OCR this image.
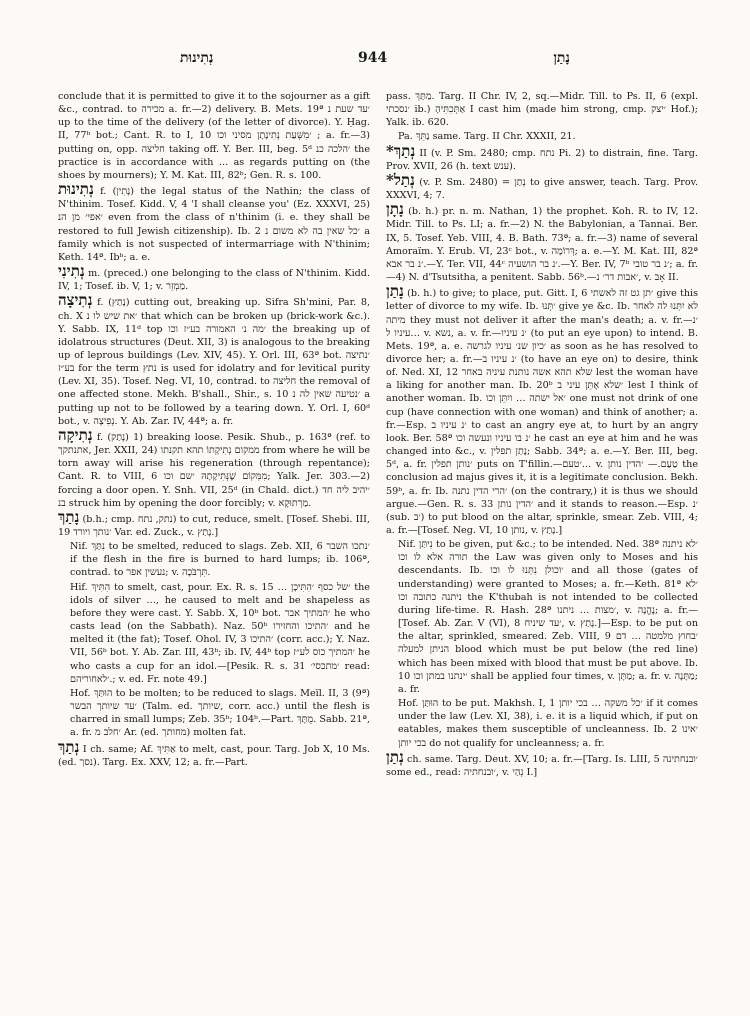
נְתִינוּת	944	נָתַן

conclude that it is permitted to give it to the sojourner as a gift &c., contrad. to מכירה a. fr.—2) delivery. B. Mets. 19ª ׳עד שעת נ up to the time of the delivery (of the letter of divorce). Y. Ḥag. II, 77ᵇ bot.; Cant. R. to I, 10 ׳מִשְּׁעַת נְתִינָתָן מסיני וכו ; a. fr.—3) putting on, opp. חליצה taking off. Y. Ber. III, beg. 5ᵈ ׳הלכה כנ the practice is in accordance with … as regards putting on (the shoes by mourners); Y. M. Kat. III, 82ᵇ; Gen. R. s. 100.

נְתִינוּת f. (נָתִין) the legal status of the Nathin; the class of N'thinim. Tosef. Kidd. V, 4 'I shall cleanse you' (Ez. XXXVI, 25) ׳אפי׳ מן הנ even from the class of n'thinim (i. e. they shall be restored to full Jewish citizenship). Ib. 2 ׳כל שאין בה לא משום נ a family which is not suspected of intermarriage with N'thinim; Keth. 14ª. Ibᵇ; a. e.

נְתִינִי m. (preced.) one belonging to the class of N'thinim. Kidd. IV, 1; Tosef. ib. V, 1; v. מַמְזֵר.

נְתִיצָה f. (נָתַץ) cutting out, breaking up. Sifra Sh'mini, Par. 8, ch. X ׳את שיש לו נ that which can be broken up (brick-work &c.). Y. Sabb. IX, 11ᵈ top ׳מה נ׳ האמורה בע״ז וכו the breaking up of idolatrous structures (Deut. XII, 3) is analogous to the breaking up of leprous buildings (Lev. XIV, 45). Y. Orl. III, 63ª bot. ׳נתיצה בע״ז for the term נתץ is used for idolatry and for levitical purity (Lev. XI, 35). Tosef. Neg. VI, 10, contrad. to חליצה the removal of one affected stone. Mekh. B'shall., Shir., s. 10 ׳נטיעה שאין לה נ a putting up not to be followed by a tearing down. Y. Orl. I, 60ᵈ bot., v. נְפִיצָה. Y. Ab. Zar. IV, 44ª; a. fr.

נְתִיקָה f. (נָתַק) 1) breaking loose. Pesik. Shub., p. 163ª (ref. to אתנתקך, Jer. XXII, 24) ממקום נְתִיקָתוֹ תהא תקנתו from where he will be torn away will arise his regeneration (through repentance); Cant. R. to VIII, 6 מִמְּקוֹם שֶׁנְּתִיקָתָהּ ׳שם וכו; Yalk. Jer. 303.—2) forcing a door open. Y. Snh. VII, 25ᵈ (in Chald. dict.) ׳יהיב ליה חד בנ struck him by opening the door forcibly; v. מַרְתוּקָא.

נָתַךְ (b.h.; cmp. נתק, נתח) to cut, reduce, smelt. [Tosef. Shebi. III, 19 ׳נותך ויורד Var. ed. Zuck., v. נָתַץ.]

Nif. נִתַּךְ to be smelted, reduced to slags. Zeb. XII, 6 ׳נתכו השבר if the flesh in the fire is burned to hard lumps; ib. 106ª, contrad. to נעשין אפר; v. תִּרְבֹּכָה.

Hif. הִתִּיךְ to smelt, cast, pour. Ex. R. s. 15 … ׳של כסף ׳הִתִּיכָן the idols of silver …, he caused to melt and be shapeless as before they were cast. Y. Sabb. X, 10ᵇ bot. ׳המתיך אבר he who casts lead (on the Sabbath). Naz. 50ᵇ ׳התיכו והחזירו and he melted it (the fat); Tosef. Ohol. IV, 3 ׳התיכו (corr. acc.); Y. Naz. VII, 56ᵇ bot. Y. Ab. Zar. III, 43ᵇ; ib. IV, 44ᵇ top ׳המתיך כוס לע״ז he who casts a cup for an idol.—[Pesik. R. s. 31 ׳מתכסי׳ read: ׳לאחוריהם.; v. ed. Fr. note 49.]

Hof. הוּתַּךְ to be molten; to be reduced to slags. Meïl. II, 3 (9ª) ׳עד שיותך הבשר (Talm. ed. שיותך, corr. acc.) until the flesh is charred in small lumps; Zeb. 35ᵇ; 104ᵇ.—Part. מֻתָּךְ. Sabb. 21ª, a. fr. ׳חלב מ Ar. (ed. מחותך) molten fat.

נְתַךְ I ch. same; Af. אַתִּיךְ to melt, cast, pour. Targ. Job X, 10 Ms. (ed. נסך). Targ. Ex. XXV, 12; a. fr.—Part.

pass. מַתַּךְ. Targ. II Chr. IV, 2, sq.—Midr. Till. to Ps. II, 6 (expl. ׳נסכתי ib.) אַתְּכִתִּיהָ I cast him (made him strong, cmp. ׳יצק Hof.); Yalk. ib. 620.

Pa. נַתֵּךְ same. Targ. II Chr. XXXII, 21.

*נְתַךְ II (v. P. Sm. 2480; cmp. נתח Pi. 2) to distrain, fine. Targ. Prov. XVII, 26 (h. text ענש).

*נְתַל (v. P. Sm. 2480) = נְתַן to give answer, teach. Targ. Prov. XXXVI, 4; 7.

נָתָן (b. h.) pr. n. m. Nathan, 1) the prophet. Koh. R. to IV, 12. Midr. Till. to Ps. LI; a. fr.—2) N. the Babylonian, a Tannai. Ber. IX, 5. Tosef. Yeb. VIII, 4. B. Bath. 73ª; a. fr.—3) name of several Amoraïm. Y. Erub. VI, 23ᶜ bot., v. דְּרוֹמָה; a. e.—Y. M. Kat. III, 82ª ׳נ בר אבא.—Y. Ter. VII, 44ᶜ ׳נ בר הושעיה.—Y. Ber. IV, 7ᵇ ׳נ בר טובי; a. fr.—4) N. d'Tsutsitha, a penitent. Sabb. 56ᵇ.—׳אבות דר׳ נ, v. אָב II.

נָתַן (b. h.) to give; to place, put. Gitt. I, 6 ׳תן גט זה לאשתי give this letter of divorce to my wife. Ib. ׳תְּנוּ give ye &c. Ib. לא יִתְּנוּ לה לאחר מיתה they must not deliver it after the man's death; a. v. fr.—׳נ עיניו ל… v. נשא, a. v. fr.—׳נ עיניו (to put an eye upon) to intend. B. Mets. 19ª, a. e. ׳כיון שנ׳ עיניו לגרשה as soon as he has resolved to divorce her; a. fr.—׳נ עיניו ב (to have an eye on) to desire, think of. Ned. XI, 12 שלא תהא אשה נותנת עיניה באחר lest the woman have a liking for another man. Ib. 20ᵇ ׳שלא אֶתֵּן עיני ב lest I think of another woman. Ib. ׳אל ישתה … ויִתֵּן וכו one must not drink of one cup (have connection with one woman) and think of another; a. fr.—Esp. ׳נ עיניו ב to cast an angry eye at, to hurt by an angry look. Ber. 58ª ׳נ בו עיניו ונעשה וכו he cast an eye at him and he was changed into &c., v. נָתַן תפלין; Sabb. 34ª; a. e.—Y. Ber. III, beg. 5ᵈ, a. fr. ׳נותן תפלין puts on T'fillin.—׳טעם… v. טַעַם.— ׳הדין נותן the conclusion ad majus gives it, it is a legitimate conclusion. Bekh. 59ᵇ, a. fr. Ib. ׳הרי הדין נתנה (on the contrary,) it is thus we should argue.—Gen. R. s. 33 ׳הדין נותן and it stands to reason.—Esp. ׳נ (sub. ׳ב) to put blood on the altar, sprinkle, smear. Zeb. VIII, 4; a. fr.—[Tosef. Neg. VI, 10 נותן, v. נָתַץ.]

Nif. נִיתַּן to be given, put &c.; to be intended. Ned. 38ª ׳לא ניתנה תורה אלא לו וכו the Law was given only to Moses and his descendants. Ib. ׳וכולן נִתְּנוּ לו וכו and all those (gates of understanding) were granted to Moses; a. fr.—Keth. 81ª ׳לא ניתנה כתובה וכו the K'thubah is not intended to be collected during life-time. R. Hash. 28ª ׳מצות … ניתנו, v. נֶהֱנָה; a. fr.—[Tosef. Ab. Zar. V (VI), 8 ׳עד שיניח, v. נָתַץ.]—Esp. to be put on the altar, sprinkled, smeared. Zeb. VIII, 9 ׳בחוץ מלמטה … דם הניתן למעלה blood which must be put below (the red line) which has been mixed with blood that must be put above. Ib. 10 ׳ינתנו במתן וכו shall be applied four times, v. מַתָּן; a. fr. v. מַתָּנָה; a. fr.

Hof. הוּתַּן to be put. Makhsh. I, 1 ׳כל משקה … בכי יותן if it comes under the law (Lev. XI, 38), i. e. it is a liquid which, if put on eatables, makes them susceptible of uncleanness. Ib. 2 ׳אינו בכי יותן do not qualify for uncleanness; a. fr.

נְתַן ch. same. Targ. Deut. XV, 10; a. fr.—[Targ. Is. LIII, 5 ׳ובנחתינה some ed., read: ׳ובנחתיה, v. נְהַי I.]
